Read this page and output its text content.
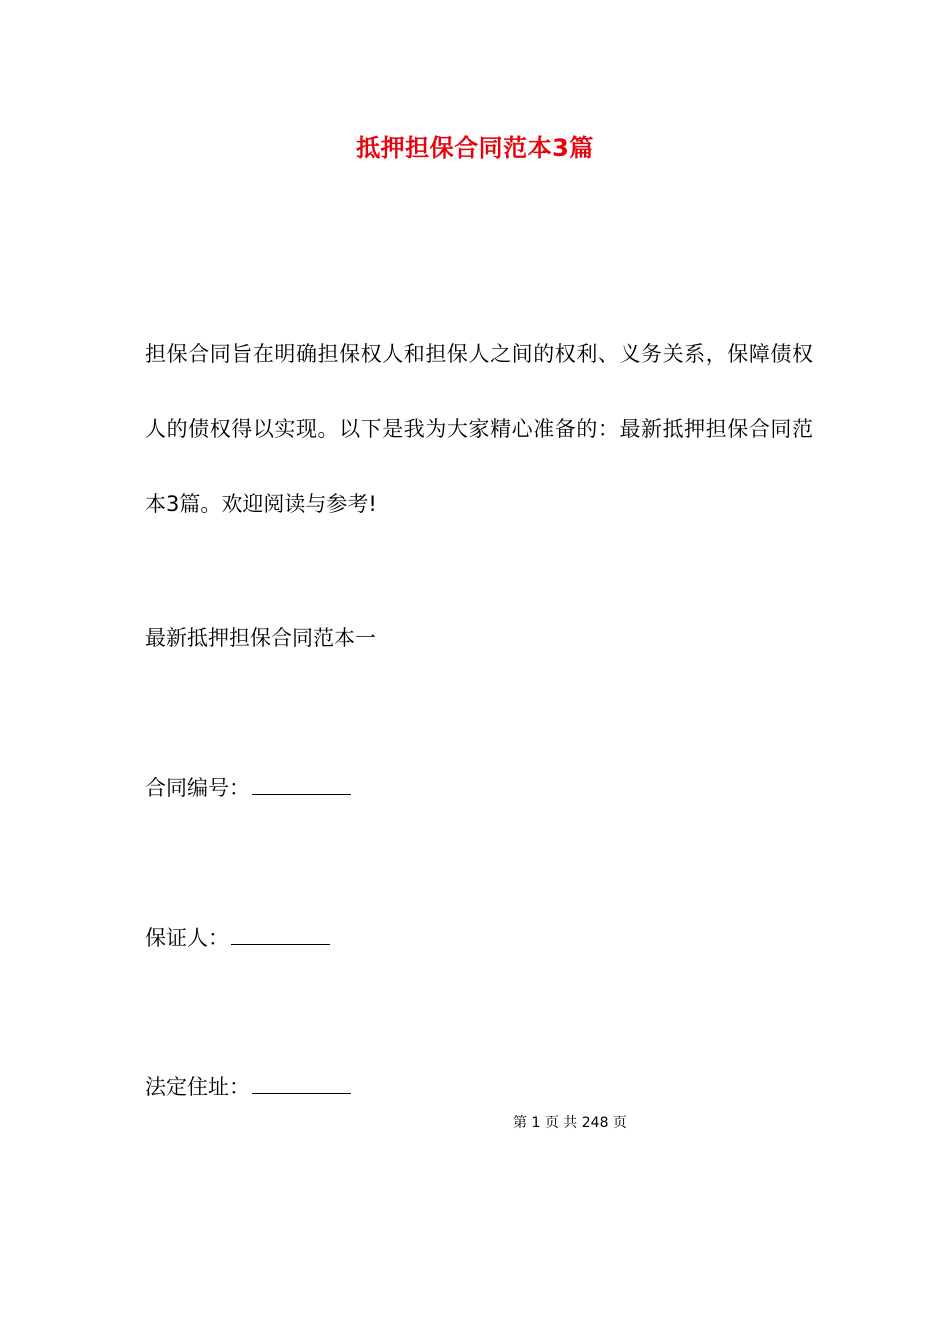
抵押担保合同范本3篇

担保合同旨在明确担保权人和担保人之间的权利、义务关系，保障债权人的债权得以实现。以下是我为大家精心准备的：最新抵押担保合同范本3篇。欢迎阅读与参考!

最新抵押担保合同范本一
合同编号：
保证人：
法定住址：
第 1 页 共 248 页
